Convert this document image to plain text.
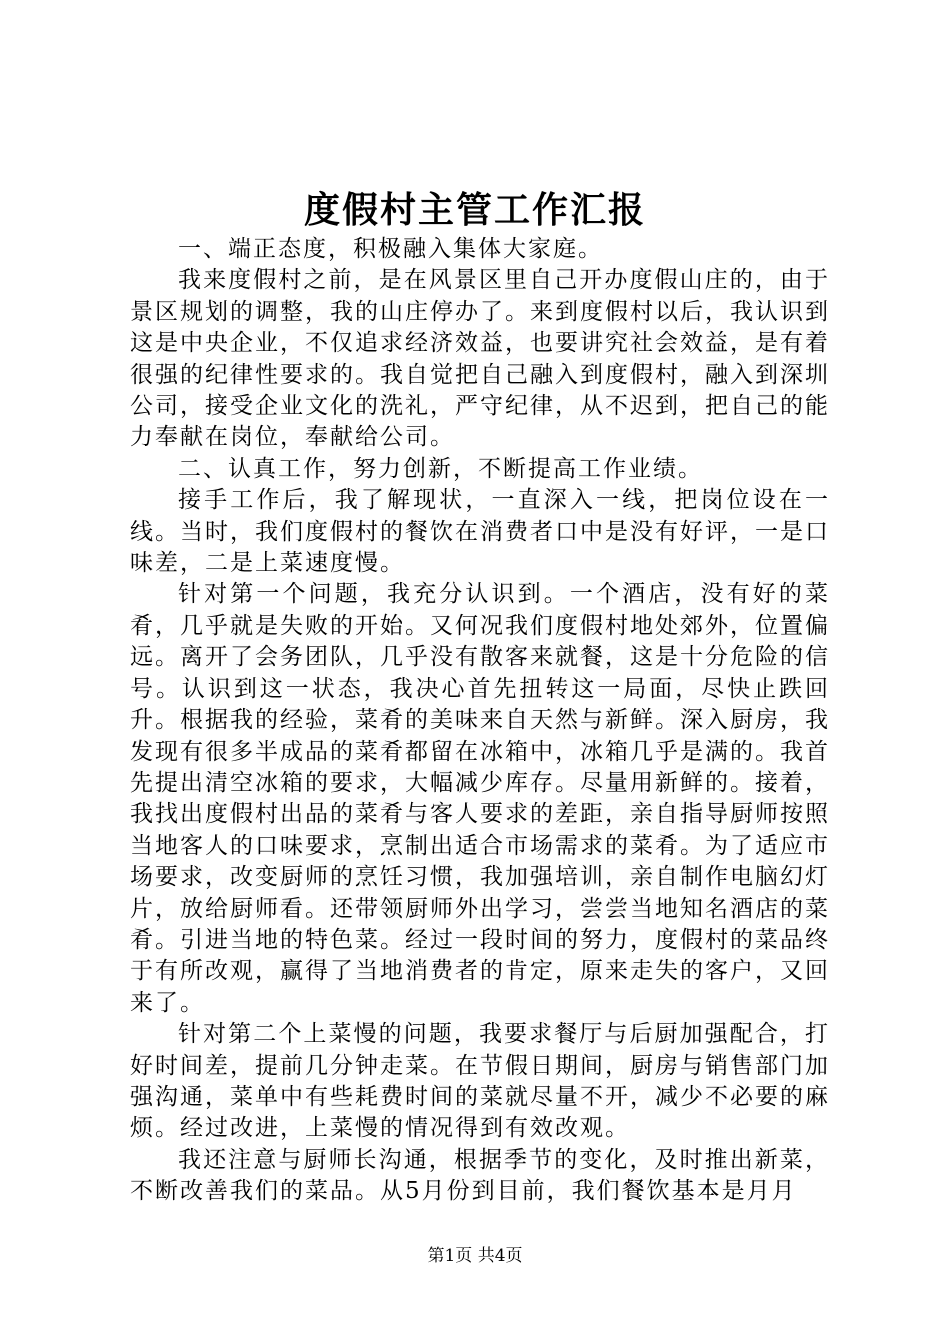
度假村主管工作汇报

一、端正态度，积极融入集体大家庭。

我来度假村之前，是在风景区里自己开办度假山庄的，由于景区规划的调整，我的山庄停办了。来到度假村以后，我认识到这是中央企业，不仅追求经济效益，也要讲究社会效益，是有着很强的纪律性要求的。我自觉把自己融入到度假村，融入到深圳公司，接受企业文化的洗礼，严守纪律，从不迟到，把自己的能力奉献在岗位，奉献给公司。

二、认真工作，努力创新，不断提高工作业绩。

接手工作后，我了解现状，一直深入一线，把岗位设在一线。当时，我们度假村的餐饮在消费者口中是没有好评，一是口味差，二是上菜速度慢。

针对第一个问题，我充分认识到。一个酒店，没有好的菜肴，几乎就是失败的开始。又何况我们度假村地处郊外，位置偏远。离开了会务团队，几乎没有散客来就餐，这是十分危险的信号。认识到这一状态，我决心首先扭转这一局面，尽快止跌回升。根据我的经验，菜肴的美味来自天然与新鲜。深入厨房，我发现有很多半成品的菜肴都留在冰箱中，冰箱几乎是满的。我首先提出清空冰箱的要求，大幅减少库存。尽量用新鲜的。接着，我找出度假村出品的菜肴与客人要求的差距，亲自指导厨师按照当地客人的口味要求，烹制出适合市场需求的菜肴。为了适应市场要求，改变厨师的烹饪习惯，我加强培训，亲自制作电脑幻灯片，放给厨师看。还带领厨师外出学习，尝尝当地知名酒店的菜肴。引进当地的特色菜。经过一段时间的努力，度假村的菜品终于有所改观，赢得了当地消费者的肯定，原来走失的客户，又回来了。

针对第二个上菜慢的问题，我要求餐厅与后厨加强配合，打好时间差，提前几分钟走菜。在节假日期间，厨房与销售部门加强沟通，菜单中有些耗费时间的菜就尽量不开，减少不必要的麻烦。经过改进，上菜慢的情况得到有效改观。

我还注意与厨师长沟通，根据季节的变化，及时推出新菜，不断改善我们的菜品。从5月份到目前，我们餐饮基本是月月

第1页 共4页
